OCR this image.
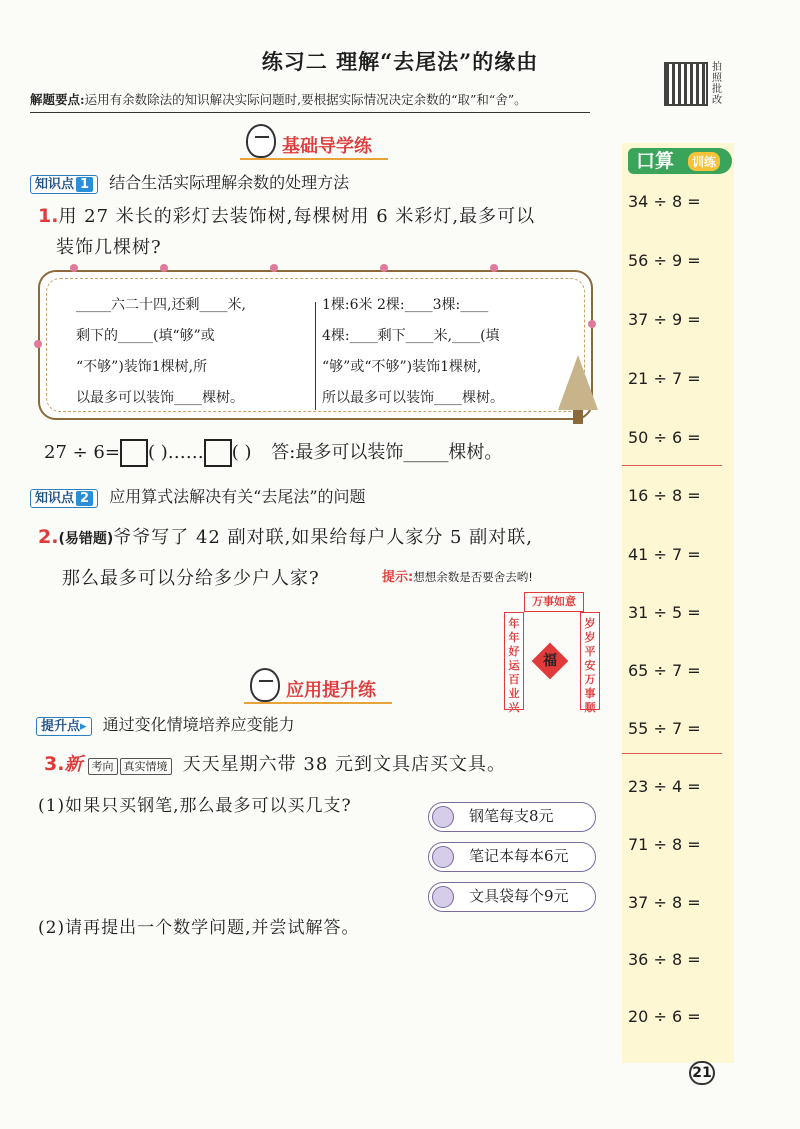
练习二 理解“去尾法”的缘由
解题要点:运用有余数除法的知识解决实际问题时,要根据实际情况决定余数的“取”和“舍”。
拍照批改
基础导学练
知识点 1 结合生活实际理解余数的处理方法
1.用 27 米长的彩灯去装饰树,每棵树用 6 米彩灯,最多可以
装饰几棵树?
_____六二十四,还剩____米,
剩下的_____(填“够”或
“不够”)装饰1棵树,所
以最多可以装饰____棵树。
1棵:6米 2棵:____3棵:____
4棵:____剩下____米,____(填
“够”或“不够”)装饰1棵树,
所以最多可以装饰____棵树。
27 ÷ 6= ( )…… ( ) 答:最多可以装饰_____棵树。
知识点 2 应用算式法解决有关“去尾法”的问题
2.(易错题)爷爷写了 42 副对联,如果给每户人家分 5 副对联,
那么最多可以分给多少户人家?	提示:想想余数是否要舍去哟!
万事如意
年年好运百业兴
岁岁平安万事顺
福
应用提升练
提升点▸ 通过变化情境培养应变能力
3.新 考向 真实情境 天天星期六带 38 元到文具店买文具。
(1)如果只买钢笔,那么最多可以买几支?
(2)请再提出一个数学问题,并尝试解答。
钢笔每支8元
笔记本每本6元
文具袋每个9元
口算	训练
34 ÷ 8 =
56 ÷ 9 =
37 ÷ 9 =
21 ÷ 7 =
50 ÷ 6 =
16 ÷ 8 =
41 ÷ 7 =
31 ÷ 5 =
65 ÷ 7 =
55 ÷ 7 =
23 ÷ 4 =
71 ÷ 8 =
37 ÷ 8 =
36 ÷ 8 =
20 ÷ 6 =
21
